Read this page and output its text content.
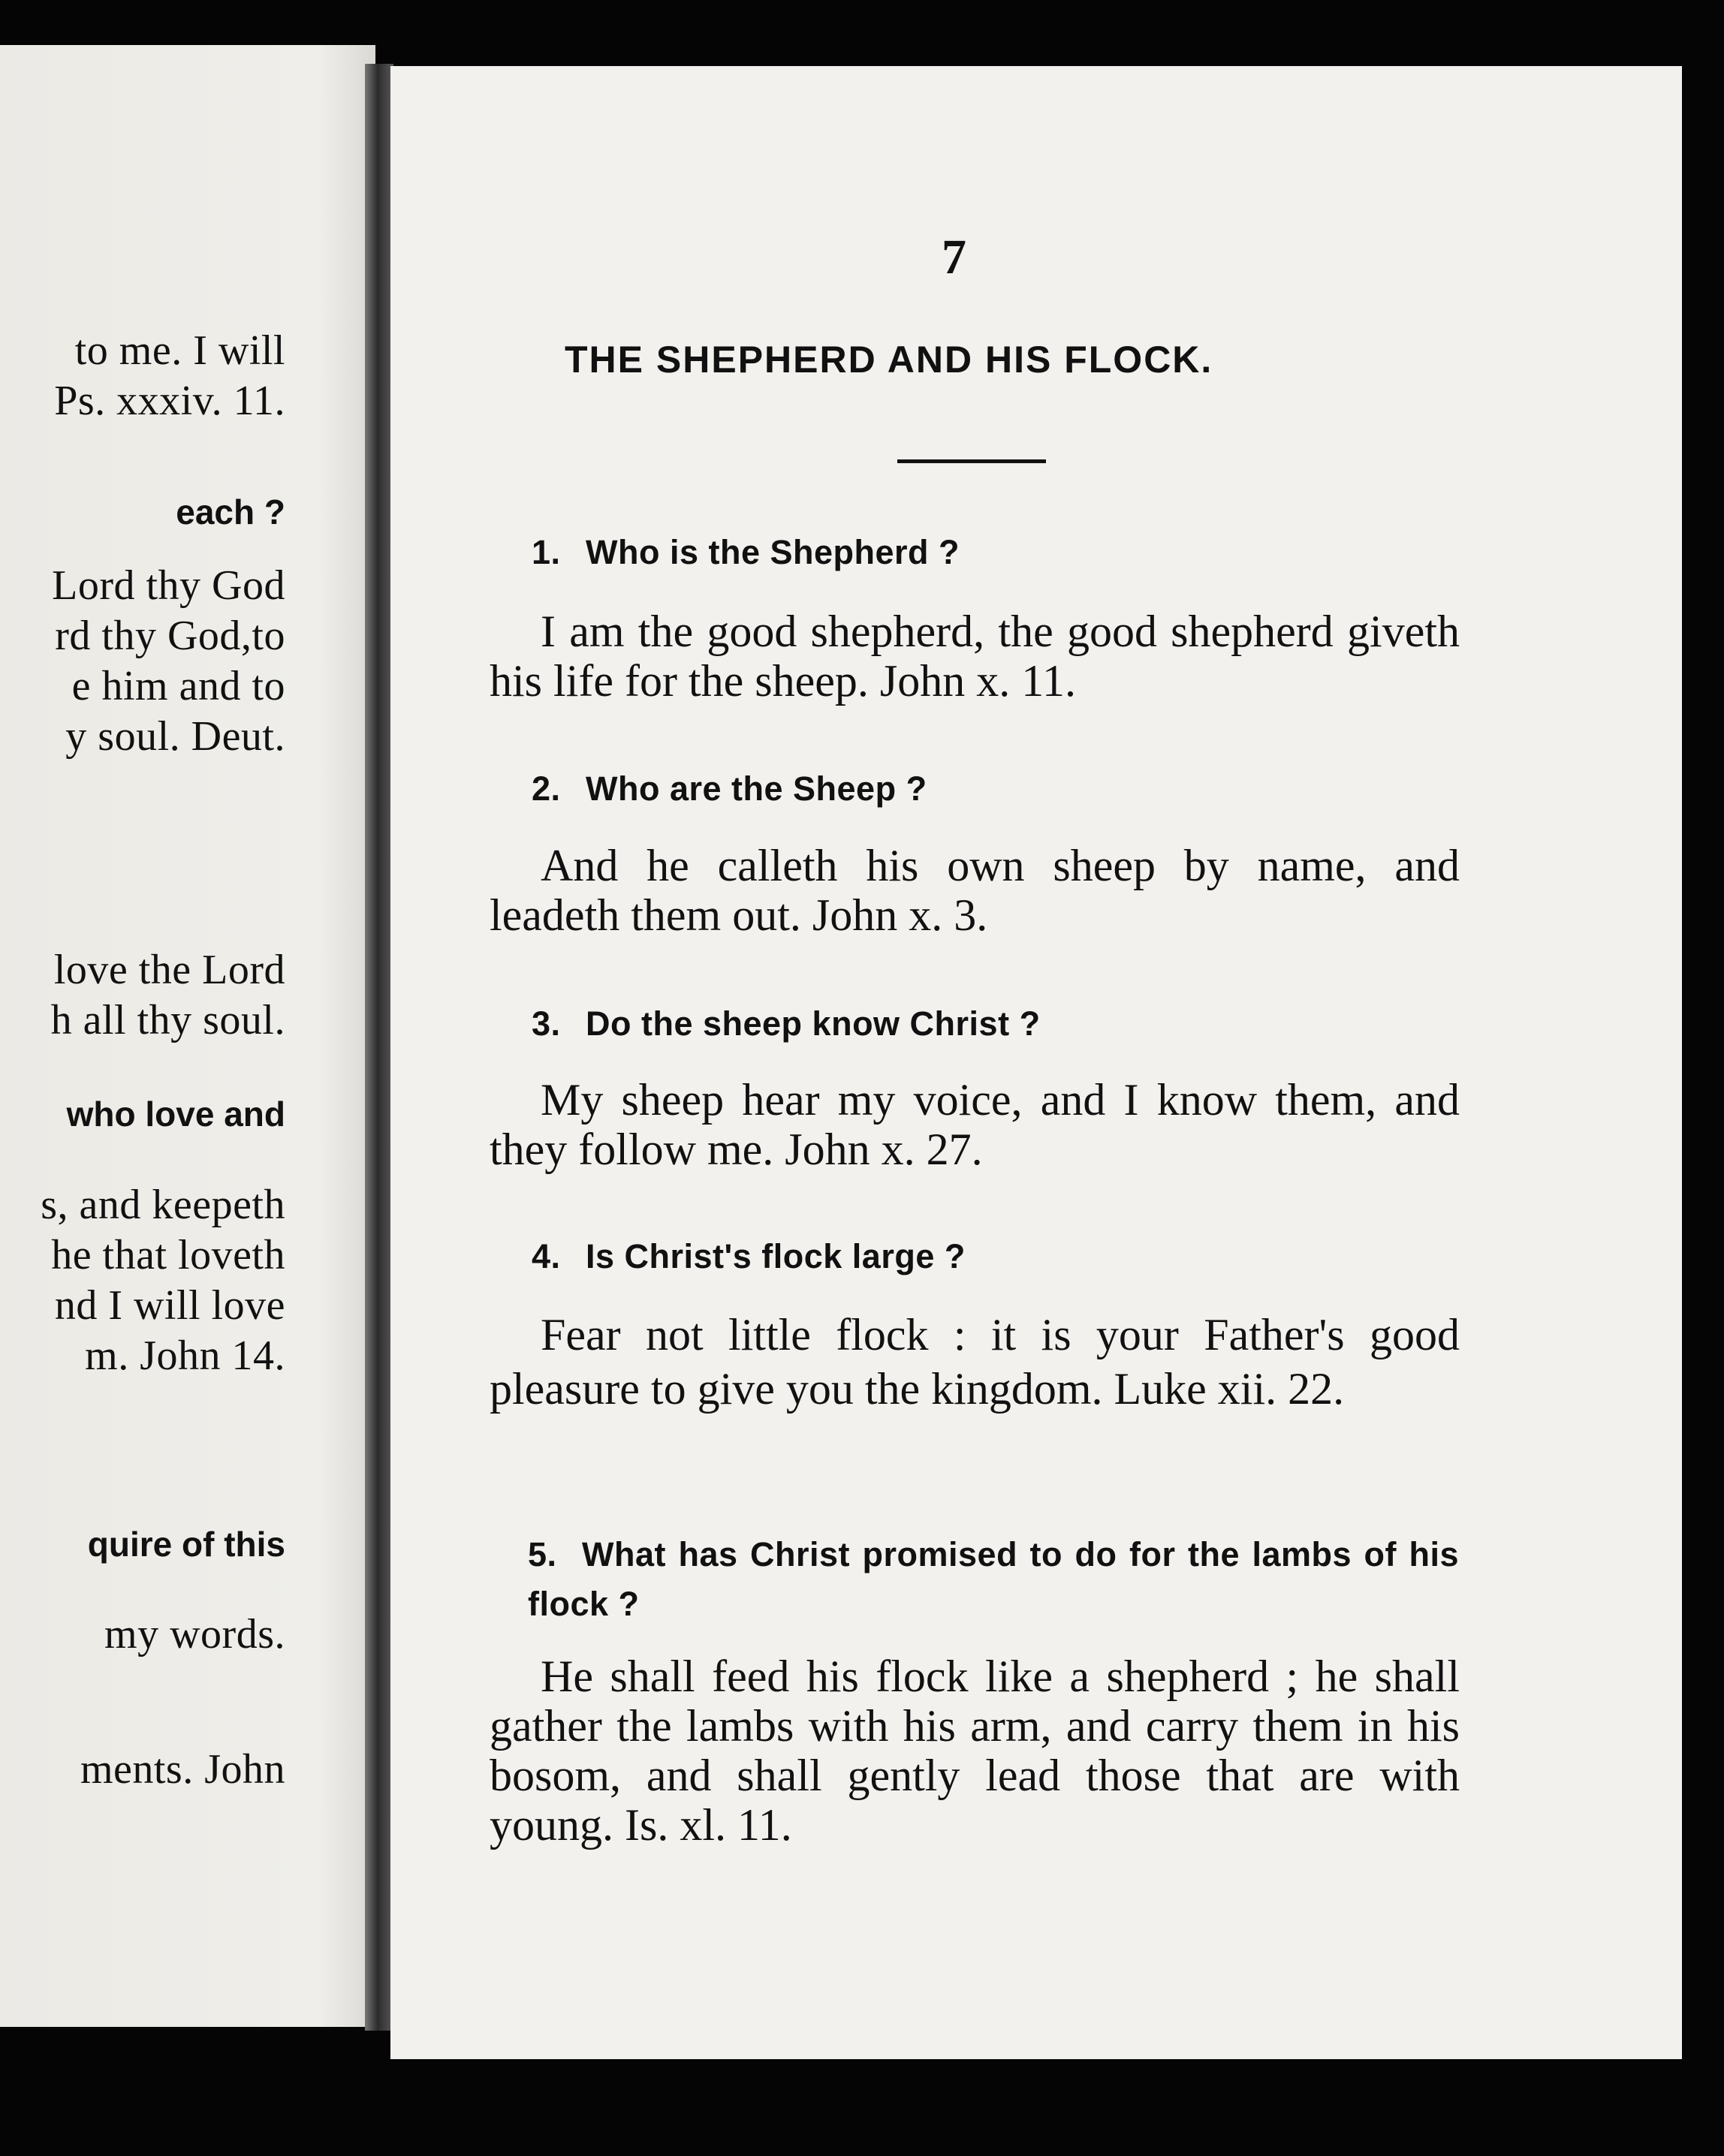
to me. I will
Ps. xxxiv. 11.
each ?
Lord thy God
rd thy God,to
e him and to
y soul. Deut.
love the Lord
h all thy soul.
who love and
s, and keepeth
he that loveth
nd I will love
m. John 14.
quire of this
my words.
ments. John
7
THE SHEPHERD AND HIS FLOCK.
1. Who is the Shepherd ?
I am the good shepherd, the good shepherd giveth his life for the sheep. John x. 11.
2. Who are the Sheep ?
And he calleth his own sheep by name, and leadeth them out. John x. 3.
3. Do the sheep know Christ ?
My sheep hear my voice, and I know them, and they follow me. John x. 27.
4. Is Christ's flock large ?
Fear not little flock : it is your Father's good pleasure to give you the kingdom. Luke xii. 22.
5. What has Christ promised to do for the lambs of his flock ?
He shall feed his flock like a shepherd ; he shall gather the lambs with his arm, and carry them in his bosom, and shall gently lead those that are with young. Is. xl. 11.
